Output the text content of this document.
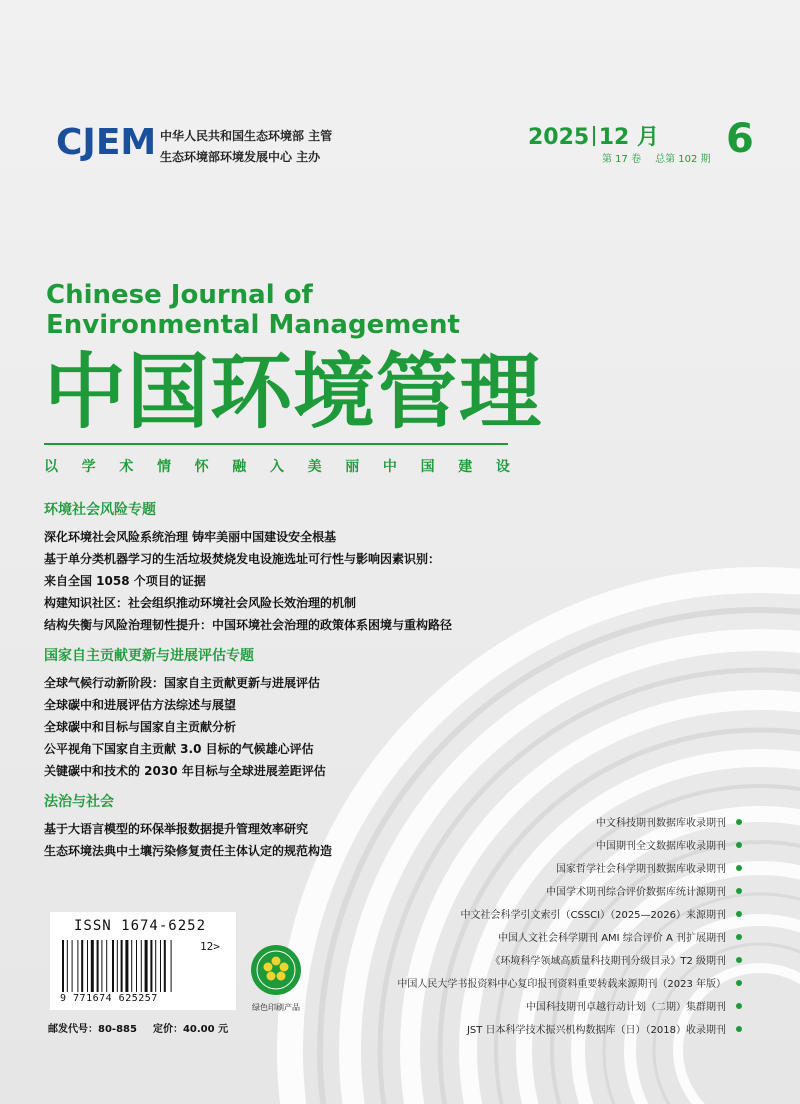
CJEM 中华人民共和国生态环境部 主管
生态环境部环境发展中心 主办
2025 12 月 6
第 17 卷 总第 102 期
Chinese Journal of
Environmental Management
中国环境管理
以 学 术 情 怀 融 入 美 丽 中 国 建 设
环境社会风险专题
深化环境社会风险系统治理 铸牢美丽中国建设安全根基
基于单分类机器学习的生活垃圾焚烧发电设施选址可行性与影响因素识别：
来自全国 1058 个项目的证据
构建知识社区：社会组织推动环境社会风险长效治理的机制
结构失衡与风险治理韧性提升：中国环境社会治理的政策体系困境与重构路径
国家自主贡献更新与进展评估专题
全球气候行动新阶段：国家自主贡献更新与进展评估
全球碳中和进展评估方法综述与展望
全球碳中和目标与国家自主贡献分析
公平视角下国家自主贡献 3.0 目标的气候雄心评估
关键碳中和技术的 2030 年目标与全球进展差距评估
法治与社会
基于大语言模型的环保举报数据提升管理效率研究
生态环境法典中土壤污染修复责任主体认定的规范构造
ISSN 1674-6252
12>
9 771674 625257
邮发代号：80-885 定价：40.00 元
绿色印刷产品
中文科技期刊数据库收录期刊
中国期刊全文数据库收录期刊
国家哲学社会科学期刊数据库收录期刊
中国学术期刊综合评价数据库统计源期刊
中文社会科学引文索引（CSSCI）（2025—2026）来源期刊
中国人文社会科学期刊 AMI 综合评价 A 刊扩展期刊
《环境科学领域高质量科技期刊分级目录》T2 级期刊
中国人民大学书报资料中心复印报刊资料重要转载来源期刊（2023 年版）
中国科技期刊卓越行动计划（二期）集群期刊
JST 日本科学技术振兴机构数据库（日）（2018）收录期刊
